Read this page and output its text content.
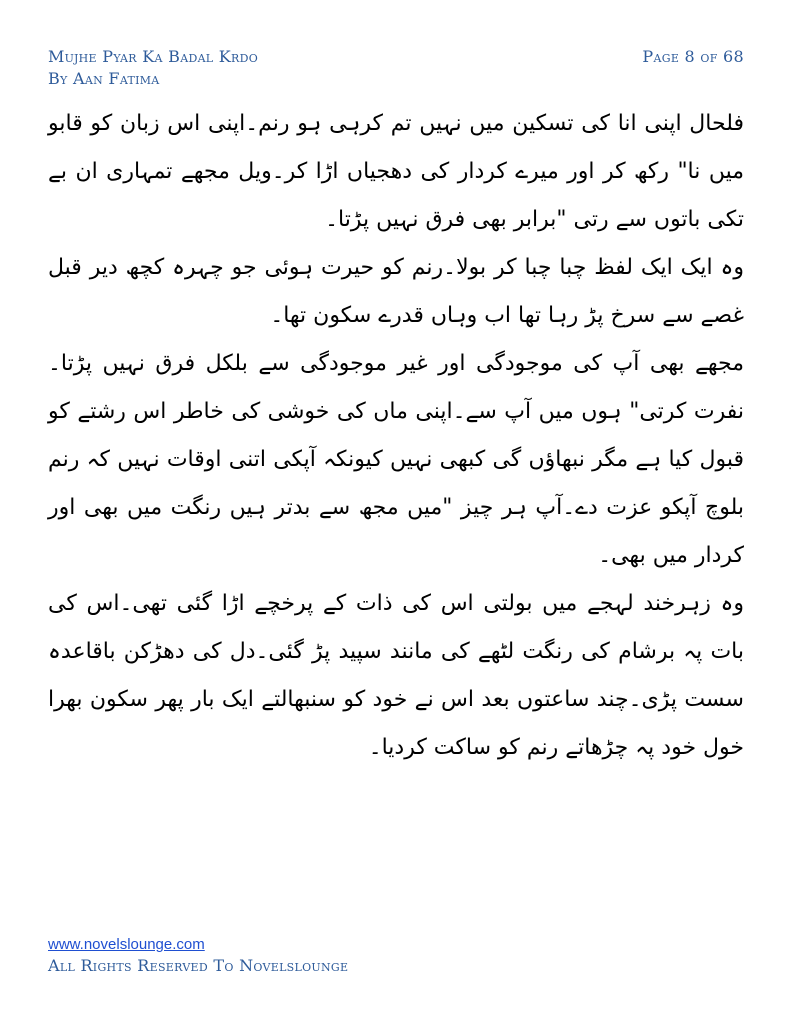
Mujhe Pyar Ka Badal Krdo
By Aan Fatima
Page 8 of 68

فلحال اپنی انا کی تسکین میں نہیں تم کرہی ہو رنم۔اپنی اس زبان کو قابو میں نا" رکھ کر اور میرے کردار کی دھجیاں اڑا کر۔ویل مجھے تمہاری ان بے تکی باتوں سے رتی "برابر بھی فرق نہیں پڑتا۔

وہ ایک ایک لفظ چبا چبا کر بولا۔رنم کو حیرت ہوئی جو چہرہ کچھ دیر قبل غصے سے سرخ پڑ رہا تھا اب وہاں قدرے سکون تھا۔

مجھے بھی آپ کی موجودگی اور غیر موجودگی سے بلکل فرق نہیں پڑتا۔نفرت کرتی" ہوں میں آپ سے۔اپنی ماں کی خوشی کی خاطر اس رشتے کو قبول کیا ہے مگر نبھاؤں گی کبھی نہیں کیونکہ آپکی اتنی اوقات نہیں کہ رنم بلوچ آپکو عزت دے۔آپ ہر چیز "میں مجھ سے بدتر ہیں رنگت میں بھی اور کردار میں بھی۔

وہ زہرخند لہجے میں بولتی اس کی ذات کے پرخچے اڑا گئی تھی۔اس کی بات پہ برشام کی رنگت لٹھے کی مانند سپید پڑ گئی۔دل کی دھڑکن باقاعدہ سست پڑی۔چند ساعتوں بعد اس نے خود کو سنبھالتے ایک بار پھر سکون بھرا خول خود پہ چڑھاتے رنم کو ساکت کردیا۔

www.novelslounge.com
All Rights Reserved To Novelslounge
